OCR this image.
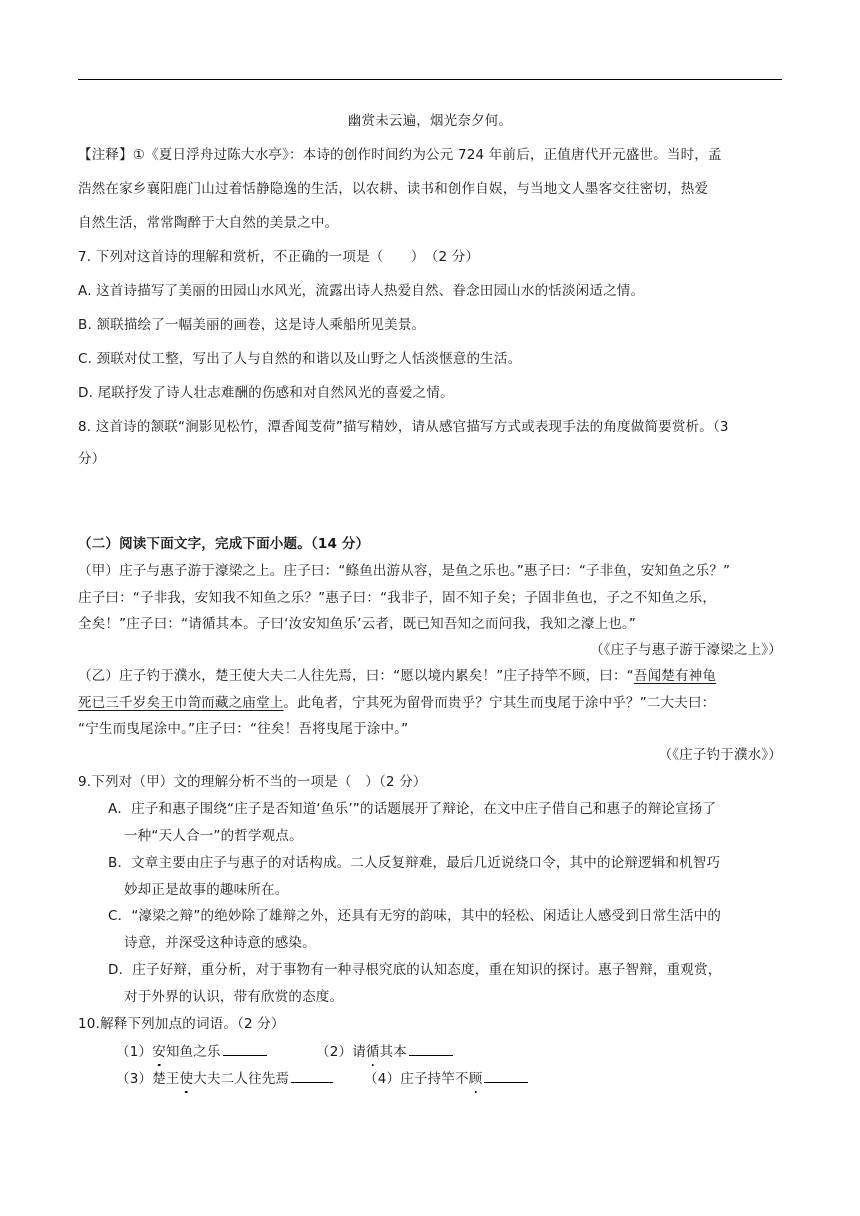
幽赏未云遍，烟光奈夕何。
【注释】①《夏日浮舟过陈大水亭》：本诗的创作时间约为公元 724 年前后，正值唐代开元盛世。当时，孟
浩然在家乡襄阳鹿门山过着恬静隐逸的生活，以农耕、读书和创作自娱，与当地文人墨客交往密切，热爱
自然生活，常常陶醉于大自然的美景之中。
7. 下列对这首诗的理解和赏析，不正确的一项是（　　）　（2 分）
A. 这首诗描写了美丽的田园山水风光，流露出诗人热爱自然、眷念田园山水的恬淡闲适之情。
B. 颔联描绘了一幅美丽的画卷，这是诗人乘船所见美景。
C. 颈联对仗工整，写出了人与自然的和谐以及山野之人恬淡惬意的生活。
D. 尾联抒发了诗人壮志难酬的伤感和对自然风光的喜爱之情。
8. 这首诗的颔联“涧影见松竹，潭香闻芰荷”描写精妙，请从感官描写方式或表现手法的角度做简要赏析。（3
分）
（二）阅读下面文字，完成下面小题。（14 分）
（甲）庄子与惠子游于濠梁之上。庄子曰：“鲦鱼出游从容，是鱼之乐也。”惠子曰：“子非鱼，安知鱼之乐？”
庄子曰：“子非我，安知我不知鱼之乐？”惠子曰：“我非子，固不知子矣；子固非鱼也，子之不知鱼之乐，
全矣！”庄子曰：“请循其本。子曰‘汝安知鱼乐’云者，既已知吾知之而问我，我知之濠上也。”
（《庄子与惠子游于濠梁之上》）
（乙）庄子钓于濮水，楚王使大夫二人往先焉，曰：“愿以境内累矣！”庄子持竿不顾，曰：“吾闻楚有神龟
死已三千岁矣王巾笥而藏之庙堂上。此龟者，宁其死为留骨而贵乎？宁其生而曳尾于涂中乎？”二大夫曰：
“宁生而曳尾涂中。”庄子曰：“往矣！吾将曳尾于涂中。”
（《庄子钓于濮水》）
9.下列对（甲）文的理解分析不当的一项是（　）（2 分）
A．庄子和惠子围绕“庄子是否知道‘鱼乐’”的话题展开了辩论，在文中庄子借自己和惠子的辩论宣扬了
一种“天人合一”的哲学观点。
B．文章主要由庄子与惠子的对话构成。二人反复辩难，最后几近说绕口令，其中的论辩逻辑和机智巧
妙却正是故事的趣味所在。
C．“濠梁之辩”的绝妙除了雄辩之外，还具有无穷的韵味，其中的轻松、闲适让人感受到日常生活中的
诗意，并深受这种诗意的感染。
D．庄子好辩，重分析，对于事物有一种寻根究底的认知态度，重在知识的探讨。惠子智辩，重观赏，
对于外界的认识，带有欣赏的态度。
10.解释下列加点的词语。（2 分）
（1）安知鱼之乐	（2）请循其本
（3）楚王使大夫二人往先焉	（4）庄子持竿不顾
